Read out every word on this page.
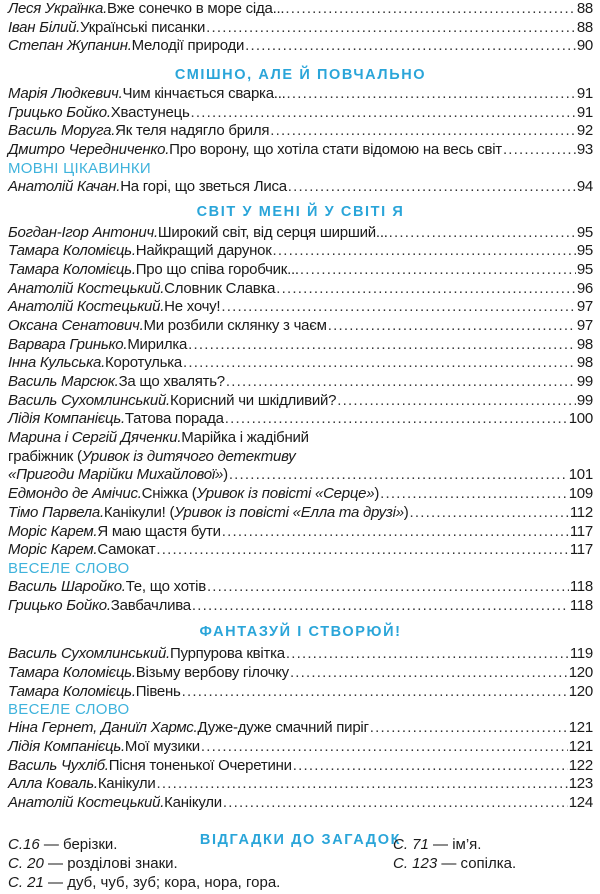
Леся Українка. Вже сонечко в море сіда... .....	88
Іван Білий. Українські писанки .....	88
Степан Жупанин. Мелодії природи .....	90
СМІШНО, АЛЕ Й ПОВЧАЛЬНО
Марія Людкевич. Чим кінчається сварка... .....	91
Грицько Бойко. Хвастунець .....	91
Василь Моруга. Як теля надягло бриля .....	92
Дмитро Чередниченко. Про ворону, що хотіла стати відомою на весь світ .....	93
МОВНІ ЦІКАВИНКИ
Анатолій Качан. На горі, що зветься Лиса .....	94
СВІТ У МЕНІ Й У СВІТІ Я
Богдан-Ігор Антонич. Широкий світ, від серця ширший... .....	95
Тамара Коломієць. Найкращий дарунок .....	95
Тамара Коломієць. Про що співа горобчик... .....	95
Анатолій Костецький. Словник Славка .....	96
Анатолій Костецький. Не хочу! .....	97
Оксана Сенатович. Ми розбили склянку з чаєм .....	97
Варвара Гринько. Мирилка .....	98
Інна Кульська. Коротулька .....	98
Василь Марсюк. За що хвалять? .....	99
Василь Сухомлинський. Корисний чи шкідливий? .....	99
Лідія Компанієць. Татова порада .....	100
Марина і Сергій Дяченки. Марійка і жадібний
грабіжник ( Уривок із дитячого детективу
«Пригоди Марійки Михайлової» ) .....	101
Едмондо де Амічис. Сніжка ( Уривок із повісті «Серце» ) .....	109
Тімо Парвела. Канікули! ( Уривок із повісті «Елла та друзі» ) .....	112
Моріс Карем. Я маю щастя бути .....	117
Моріс Карем. Самокат .....	117
ВЕСЕЛЕ СЛОВО
Василь Шаройко. Те, що хотів .....	118
Грицько Бойко. Завбачлива .....	118
ФАНТАЗУЙ І СТВОРЮЙ!
Василь Сухомлинський. Пурпурова квітка .....	119
Тамара Коломієць. Візьму вербову гілочку .....	120
Тамара Коломієць. Півень .....	120
ВЕСЕЛЕ СЛОВО
Ніна Гернет, Даниїл Хармс. Дуже-дуже смачний пиріг .....	121
Лідія Компанієць. Мої музики .....	121
Василь Чухліб. Пісня тоненької Очеретини .....	122
Алла Коваль. Канікули .....	123
Анатолій Костецький. Канікули .....	124
ВІДГАДКИ ДО ЗАГАДОК
С.16 — берізки.
С. 20 — розділові знаки.
С. 21 — дуб, чуб, зуб; кора, нора, гора.
С. 71 — ім’я.
С. 123 — сопілка.
